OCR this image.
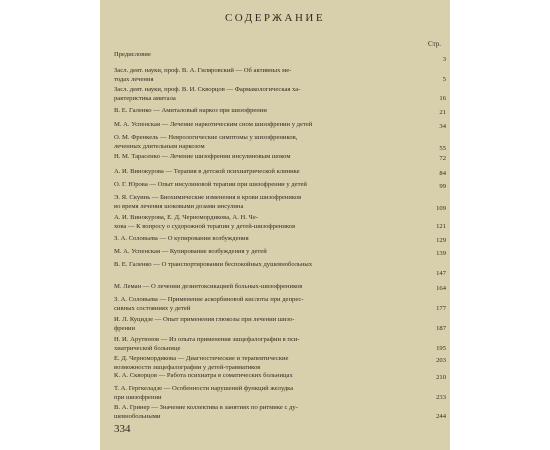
СОДЕРЖАНИЕ
Стр.
Предисловие
3
Засл. деят. науки, проф. В. А. Гиляровский — Об активных ме-
тодах лечения	5
Засл. деят. науки, проф. В. И. Скворцов — Фармакологическая ха-
рактеристика амитала	16
В. Е. Галенко — Амиталовый наркоз при шизофрении	21
М. А. Успенская — Лечение наркотическим сном шизофрении у детей	34
О. М. Френкель — Неврологические симптомы у шизофреников,
леченных длительным наркозом	55
Н. М. Тарасенко — Лечение шизофрении инсулиновым шоком	72
А. И. Винокурова — Терапия в детской психиатрической клинике	84
О. Г. Юрова — Опыт инсулиновой терапии при шизофрении у детей	99
Э. Я. Скуинь — Биохимические изменения в крови шизофреников
во время лечения шоковыми дозами инсулина	109
А. И. Винокурова, Е. Д. Черноморд​икова, А. Н. Че-
хова — К вопросу о судорожной терапии у детей-шизофреников	121
З. А. Соловьева — О купировании возбуждения	129
М. А. Успенская — Купирование возбуждения у детей	139
В. Е. Галенко — О транспортировании беспокойных душевнобольных
147
М. Леман — О лечении дезинтоксикацией больных-шизофреников	164
З. А. Соловьева — Применение аскорбиновой кислоты при депрес-
сивных состояниях у детей	177
И. Л. Куцидзе — Опыт применения глюкозы при лечении шизо-
френии	187
Н. И. Арутюнов — Из опыта применения эшцефалографии в пси-
хиатрической больнице	195
Е. Д. Черноморд​икова — Диагностические и терапевтические
возможности эшцефалографии у детей-травматиков
203
К. А. Скворцов — Работа психиатра в соматических больницах	210
Т. А. Гергкеладзе — Особенности нарушений функций желудка
при шизофрении	233
В. А. Гринер — Значение коллектива в занятиях по ритмике с ду-
шевнобольными	244
334
